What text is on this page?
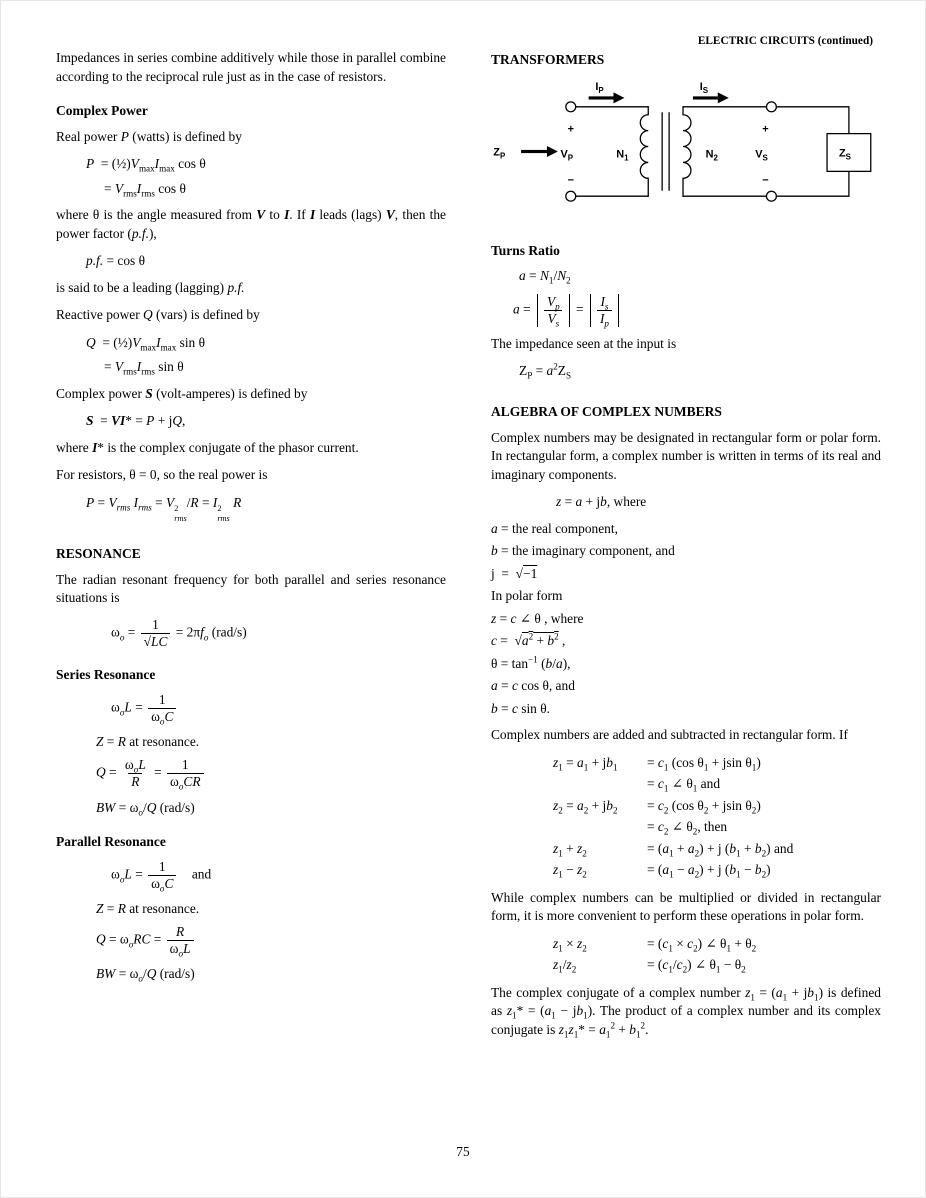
ELECTRIC CIRCUITS (continued)

Impedances in series combine additively while those in parallel combine according to the reciprocal rule just as in the case of resistors.

Complex Power

Real power P (watts) is defined by

P = $(\frac{1}{2})V_{max}I_{max}$ cos θ
= $V_{rms}I_{rms}$ cos θ

where θ is the angle measured from V to I. If I leads (lags) V, then the power factor (p.f.),

p.f. = cos θ

is said to be a leading (lagging) p.f.

Reactive power Q (vars) is defined by

Q = $(\frac{1}{2})V_{max}I_{max}$ sin θ
= $V_{rms}I_{rms}$ sin θ

Complex power S (volt-amperes) is defined by

S = VI* = P + jQ,

where I* is the complex conjugate of the phasor current.

For resistors, θ = 0, so the real power is

$P = V_{rms}$ $I_{rms} = V$ 2
rms
/R = I 2
rms
R
RESONANCE

The radian resonant frequency for both parallel and series resonance situations is

$\omega_o = \frac{1}{√LC} = 2\pi f_o$ (rad/s)
Series Resonance
$\omega_oL$ =
1
$\omega_oC$
Z = R at resonance.
Q =
$\omega_oL$
R
=
1
$\omega_oCR$
BW = $\omega_o/Q$ (rad/s)
Parallel Resonance
$\omega_oL$ =
1
$\omega_oC$
 and
Z = R at resonance.
$Q = \omega_oRC$ =
R
$\omega_oL$
BW = $\omega_o/Q$ (rad/s)
TRANSFORMERS
$I_P$	$I_S$
$Z_P$
+
$V_P$
−
$N_1$	$N_2$
+
$V_S$
−
$Z_S$
Turns Ratio
$a = N_1/N_2$
a =
$V_p$
$V_s$
=
$I_s$
$I_p$

The impedance seen at the input is

$Z_P = a^2Z_S$
ALGEBRA OF COMPLEX NUMBERS

Complex numbers may be designated in rectangular form or polar form. In rectangular form, a complex number is written in terms of its real and imaginary components.

z = a + jb, where
a = the real component,
b = the imaginary component, and
j = √−1
In polar form
z = c ∠ θ , where
c = $√a^2 + b^2$ ,
$\theta = \tan^{-1} (b/a)$,
a = c cos θ, and
b = c sin θ.

Complex numbers are added and subtracted in rectangular form. If

$z_1 = a_1 + jb_1$	= $c_1$ (cos $\theta_1 + jsin$ $\theta_1$)
= $c_1$ ∠ $\theta_1$ and
$z_2 = a_2 + jb_2$	= $c_2$ (cos $\theta_2 + jsin$ $\theta_2$)
= $c_2$ ∠ $\theta_2$, then
$z_1 + z_2$	= $(a_1 + a_2) + j$ $(b_1 + b_2)$ and
$z_1 - z_2$	= $(a_1 - a_2) + j$ $(b_1 - b_2)$

While complex numbers can be multiplied or divided in rectangular form, it is more convenient to perform these operations in polar form.

$z_1 \times z_2$	= $(c_1 \times c_2)$ ∠ $\theta_1 + \theta_2$
$z_1/z_2$	= $(c_1/c_2)$ ∠ $\theta_1 - \theta_2$

The complex conjugate of a complex number $z_1 = (a_1 + jb_1)$ is defined as $z_1* = (a_1 - jb_1)$. The product of a complex number and its complex conjugate is $z_1z_1* = a_1^2 + b_1^2$.

75
